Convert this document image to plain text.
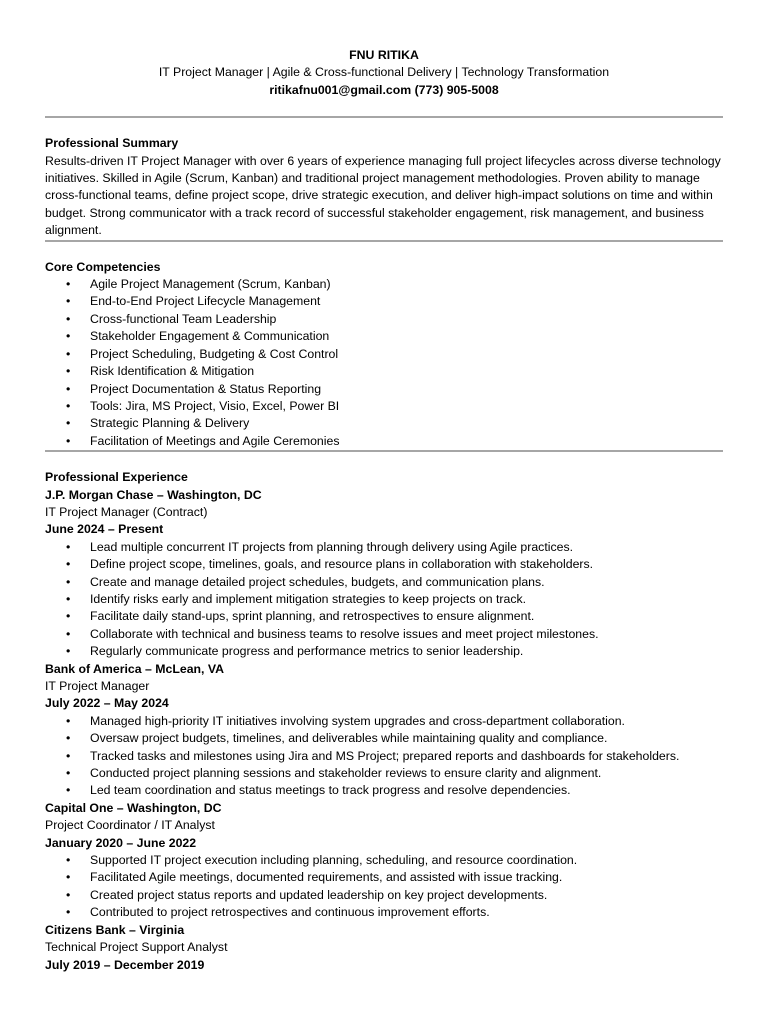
FNU RITIKA
IT Project Manager | Agile & Cross-functional Delivery | Technology Transformation
ritikafnu001@gmail.com (773) 905-5008
Professional Summary

Results-driven IT Project Manager with over 6 years of experience managing full project lifecycles across diverse technology initiatives. Skilled in Agile (Scrum, Kanban) and traditional project management methodologies. Proven ability to manage cross-functional teams, define project scope, drive strategic execution, and deliver high-impact solutions on time and within budget. Strong communicator with a track record of successful stakeholder engagement, risk management, and business alignment.

Core Competencies
• Agile Project Management (Scrum, Kanban)
• End-to-End Project Lifecycle Management
• Cross-functional Team Leadership
• Stakeholder Engagement & Communication
• Project Scheduling, Budgeting & Cost Control
• Risk Identification & Mitigation
• Project Documentation & Status Reporting
• Tools: Jira, MS Project, Visio, Excel, Power BI
• Strategic Planning & Delivery
• Facilitation of Meetings and Agile Ceremonies
Professional Experience
J.P. Morgan Chase – Washington, DC
IT Project Manager (Contract)
June 2024 – Present
• Lead multiple concurrent IT projects from planning through delivery using Agile practices.
• Define project scope, timelines, goals, and resource plans in collaboration with stakeholders.
• Create and manage detailed project schedules, budgets, and communication plans.
• Identify risks early and implement mitigation strategies to keep projects on track.
• Facilitate daily stand-ups, sprint planning, and retrospectives to ensure alignment.
• Collaborate with technical and business teams to resolve issues and meet project milestones.
• Regularly communicate progress and performance metrics to senior leadership.
Bank of America – McLean, VA
IT Project Manager
July 2022 – May 2024
• Managed high-priority IT initiatives involving system upgrades and cross-department collaboration.
• Oversaw project budgets, timelines, and deliverables while maintaining quality and compliance.
• Tracked tasks and milestones using Jira and MS Project; prepared reports and dashboards for stakeholders.
• Conducted project planning sessions and stakeholder reviews to ensure clarity and alignment.
• Led team coordination and status meetings to track progress and resolve dependencies.
Capital One – Washington, DC
Project Coordinator / IT Analyst
January 2020 – June 2022
• Supported IT project execution including planning, scheduling, and resource coordination.
• Facilitated Agile meetings, documented requirements, and assisted with issue tracking.
• Created project status reports and updated leadership on key project developments.
• Contributed to project retrospectives and continuous improvement efforts.
Citizens Bank – Virginia
Technical Project Support Analyst
July 2019 – December 2019
